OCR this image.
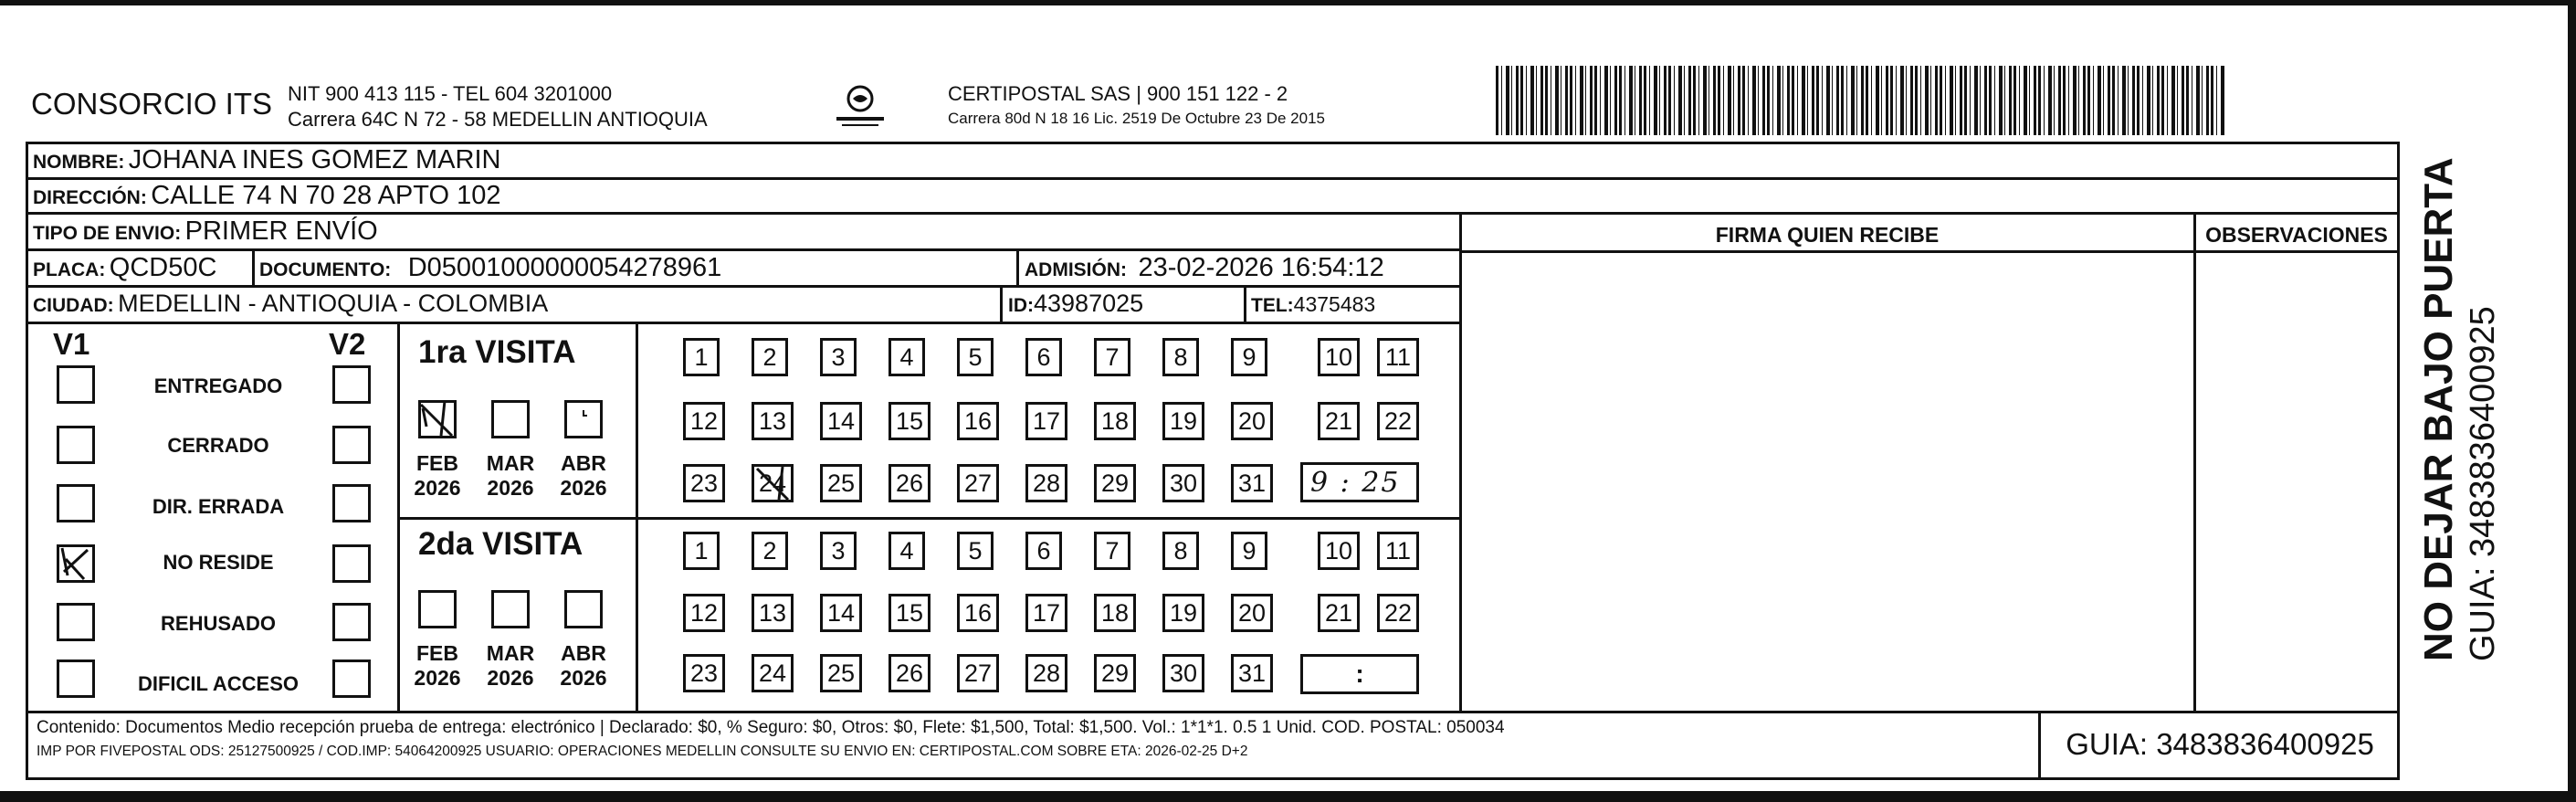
CONSORCIO ITS NIT 900 413 115 - TEL 604 3201000
Carrera 64C N 72 - 58 MEDELLIN ANTIOQUIA
CERTIPOSTAL SAS | 900 151 122 - 2
Carrera 80d N 18 16 Lic. 2519 De Octubre 23 De 2015
NOMBRE: JOHANA INES GOMEZ MARIN
DIRECCIÓN: CALLE 74 N 70 28 APTO 102
TIPO DE ENVIO: PRIMER ENVÍO	FIRMA QUIEN RECIBE	OBSERVACIONES
PLACA: QCD50C DOCUMENTO: D05001000000054278961	ADMISIÓN: 23-02-2026 16:54:12
CIUDAD: MEDELLIN - ANTIOQUIA - COLOMBIA	ID:43987025	TEL:4375483
V1	V2
ENTREGADO
CERRADO
DIR. ERRADA
NO RESIDE
REHUSADO
DIFICIL ACCESO
1ra VISITA
2da VISITA
FEB
2026
MAR
2026
ABR
2026
FEB
2026
MAR
2026
ABR
2026
1	2	3	4	5	6	7	8	9	10	11
12 13 14 15 16 17 18 19 20 21 22
23 24 25 26 27 28 29 30 31
1	2	3	4	5	6	7	8	9	10	11
12 13 14 15 16 17 18 19 20 21 22
23 24 25 26 27 28 29 30 31
9 : 25
:
Contenido: Documentos Medio recepción prueba de entrega: electrónico | Declarado: $0, % Seguro: $0, Otros: $0, Flete: $1,500, Total: $1,500. Vol.: 1*1*1. 0.5 1 Unid. COD. POSTAL: 050034
IMP POR FIVEPOSTAL ODS: 25127500925 / COD.IMP: 54064200925 USUARIO: OPERACIONES MEDELLIN CONSULTE SU ENVIO EN: CERTIPOSTAL.COM SOBRE ETA: 2026-02-25 D+2	GUIA: 3483836400925
NO DEJAR BAJO PUERTA GUIA: 3483836400925
